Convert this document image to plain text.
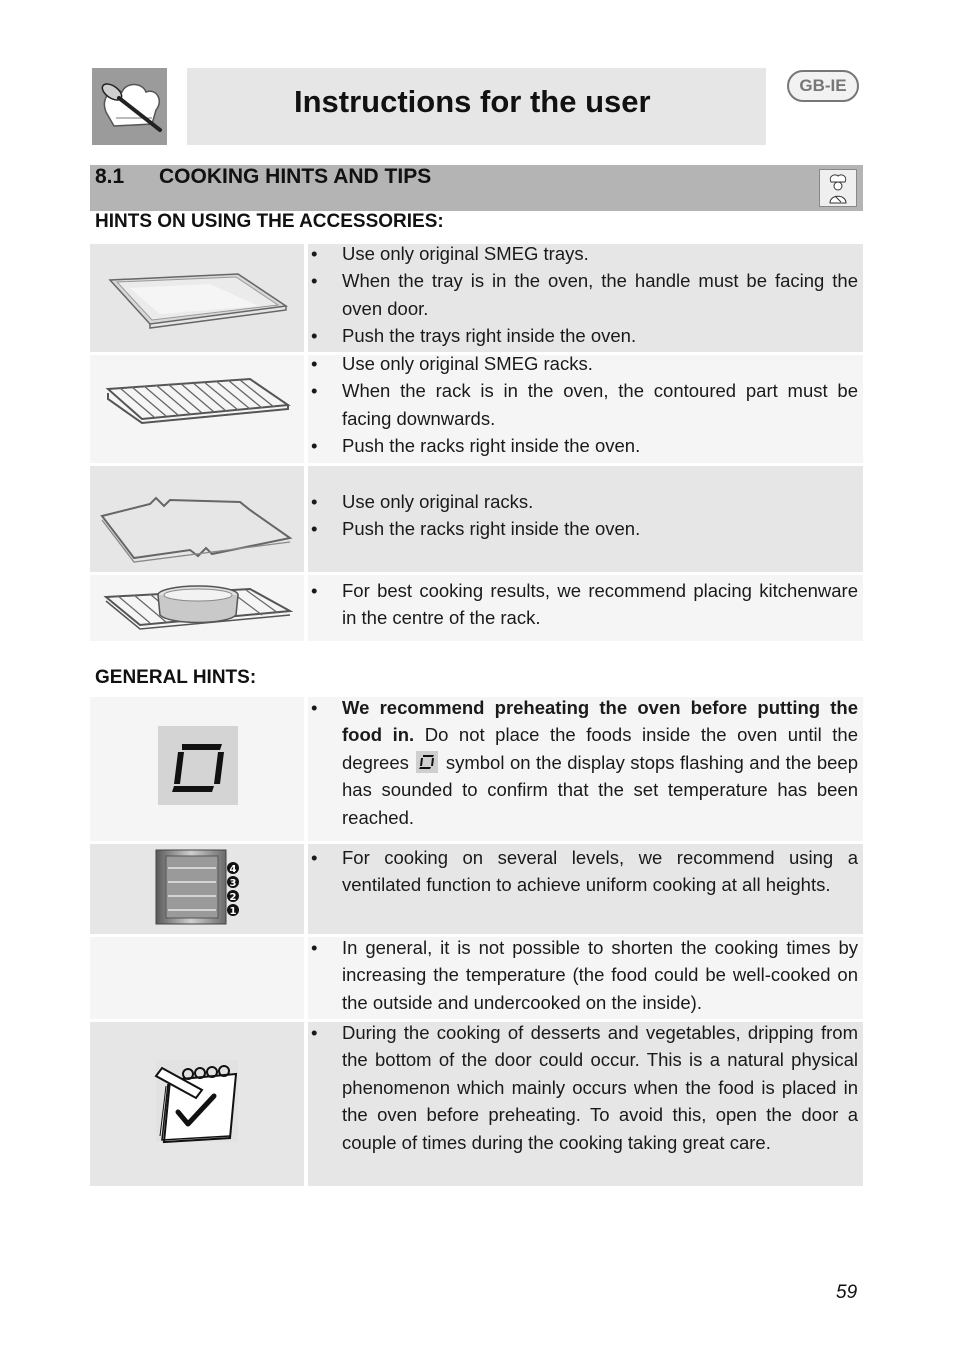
Instructions for the user	GB-IE
8.1 COOKING HINTS AND TIPS
HINTS ON USING THE ACCESSORIES:
• Use only original SMEG trays.
• When the tray is in the oven, the handle must be facing the oven door.
• Push the trays right inside the oven.
• Use only original SMEG racks.
• When the rack is in the oven, the contoured part must be facing downwards.
• Push the racks right inside the oven.
• Use only original racks.
• Push the racks right inside the oven.
• For best cooking results, we recommend placing kitchenware in the centre of the rack.
GENERAL HINTS:
• We recommend preheating the oven before putting the food in. Do not place the foods inside the oven until the degrees symbol on the display stops flashing and the beep has sounded to confirm that the set temperature has been reached.
4
3
2
1
• For cooking on several levels, we recommend using a ventilated function to achieve uniform cooking at all heights.
• In general, it is not possible to shorten the cooking times by increasing the temperature (the food could be well-cooked on the outside and undercooked on the inside).
• During the cooking of desserts and vegetables, dripping from the bottom of the door could occur. This is a natural physical phenomenon which mainly occurs when the food is placed in the oven before preheating. To avoid this, open the door a couple of times during the cooking taking great care.
59
